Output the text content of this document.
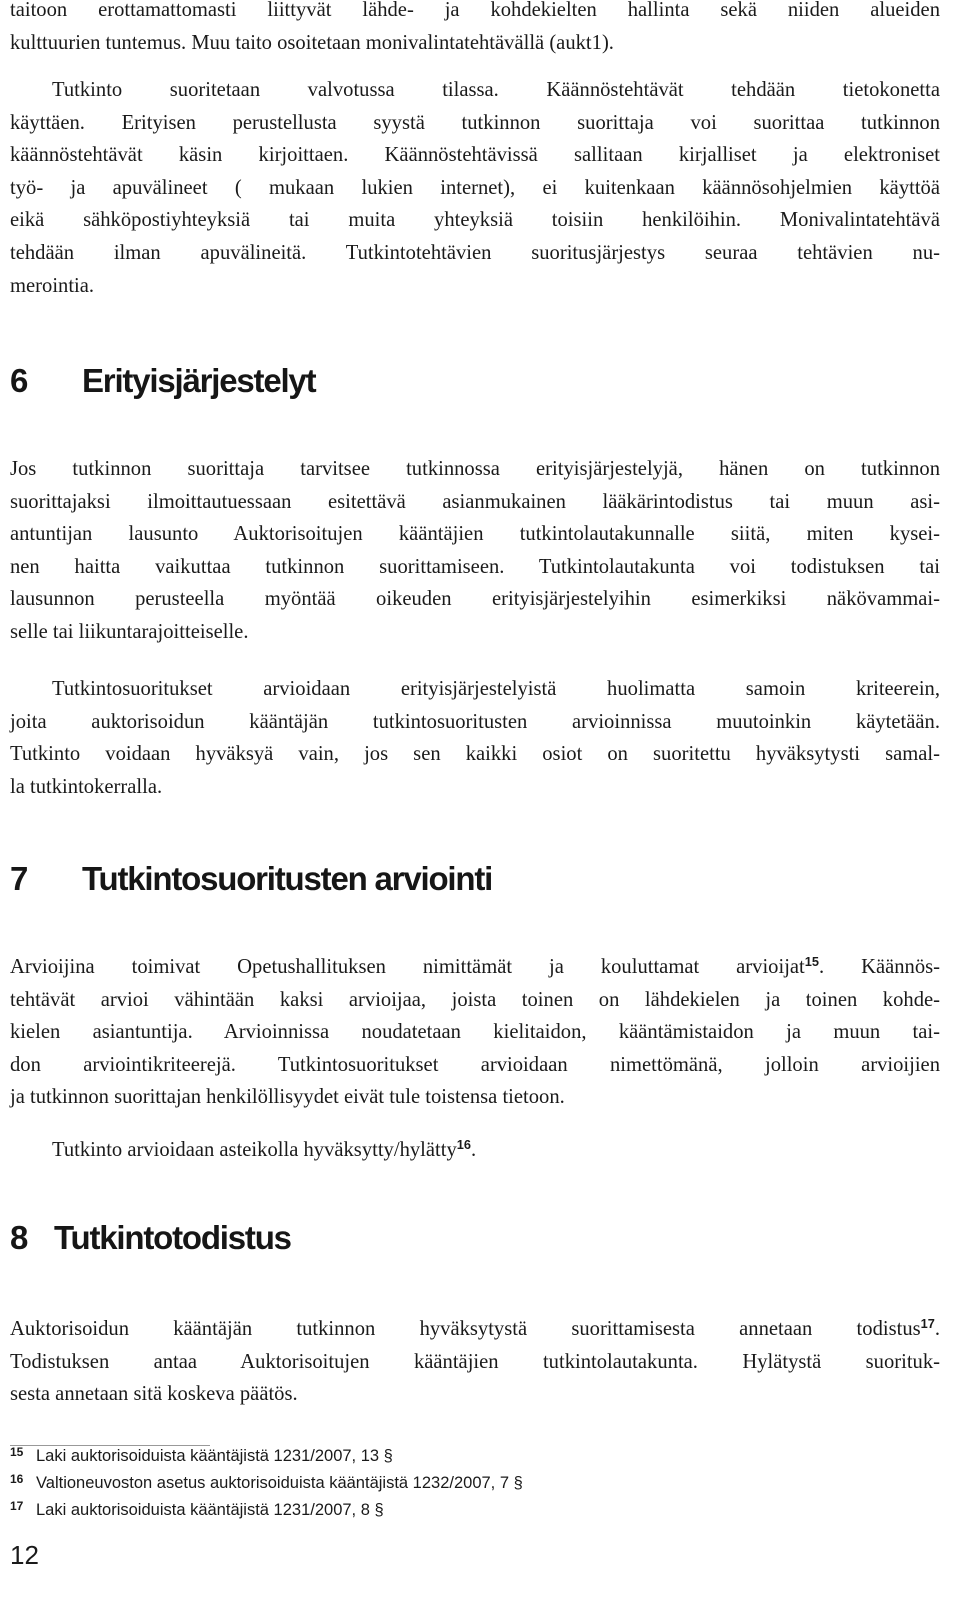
taitoon erottamattomasti liittyvät lähde- ja kohdekielten hallinta sekä niiden alueiden
kulttuurien tuntemus. Muu taito osoitetaan monivalintatehtävällä (aukt1).

Tutkinto suoritetaan valvotussa tilassa. Käännöstehtävät tehdään tietokonetta
käyttäen. Erityisen perustellusta syystä tutkinnon suorittaja voi suorittaa tutkinnon
käännöstehtävät käsin kirjoittaen. Käännöstehtävissä sallitaan kirjalliset ja elektroniset
työ- ja apuvälineet ( mukaan lukien internet), ei kuitenkaan käännösohjelmien käyttöä
eikä sähköpostiyhteyksiä tai muita yhteyksiä toisiin henkilöihin. Monivalintatehtävä
tehdään ilman apuvälineitä. Tutkintotehtävien suoritusjärjestys seuraa tehtävien nu-
merointia.

6	Erityisjärjestelyt

Jos tutkinnon suorittaja tarvitsee tutkinnossa erityisjärjestelyjä, hänen on tutkinnon
suorittajaksi ilmoittautuessaan esitettävä asianmukainen lääkärintodistus tai muun asi-
antuntijan lausunto Auktorisoitujen kääntäjien tutkintolautakunnalle siitä, miten kysei-
nen haitta vaikuttaa tutkinnon suorittamiseen. Tutkintolautakunta voi todistuksen tai
lausunnon perusteella myöntää oikeuden erityisjärjestelyihin esimerkiksi näkövammai-
selle tai liikuntarajoitteiselle.

Tutkintosuoritukset arvioidaan erityisjärjestelyistä huolimatta samoin kriteerein,
joita auktorisoidun kääntäjän tutkintosuoritusten arvioinnissa muutoinkin käytetään.
Tutkinto voidaan hyväksyä vain, jos sen kaikki osiot on suoritettu hyväksytysti samal-
la tutkintokerralla.

7	Tutkintosuoritusten arviointi

Arvioijina toimivat Opetushallituksen nimittämät ja kouluttamat arvioijat$^{15}$. Käännös-
tehtävät arvioi vähintään kaksi arvioijaa, joista toinen on lähdekielen ja toinen kohde-
kielen asiantuntija. Arvioinnissa noudatetaan kielitaidon, kääntämistaidon ja muun tai-
don arviointikriteerejä. Tutkintosuoritukset arvioidaan nimettömänä, jolloin arvioijien
ja tutkinnon suorittajan henkilöllisyydet eivät tule toistensa tietoon.

Tutkinto arvioidaan asteikolla hyväksytty/hylätty$^{16}$.

8 Tutkintotodistus

Auktorisoidun kääntäjän tutkinnon hyväksytystä suorittamisesta annetaan todistus$^{17}$.
Todistuksen antaa Auktorisoitujen kääntäjien tutkintolautakunta. Hylätystä suorituk-
sesta annetaan sitä koskeva päätös.

15 Laki auktorisoiduista kääntäjistä 1231/2007, 13 §
16 Valtioneuvoston asetus auktorisoiduista kääntäjistä 1232/2007, 7 §
17 Laki auktorisoiduista kääntäjistä 1231/2007, 8 §
12
